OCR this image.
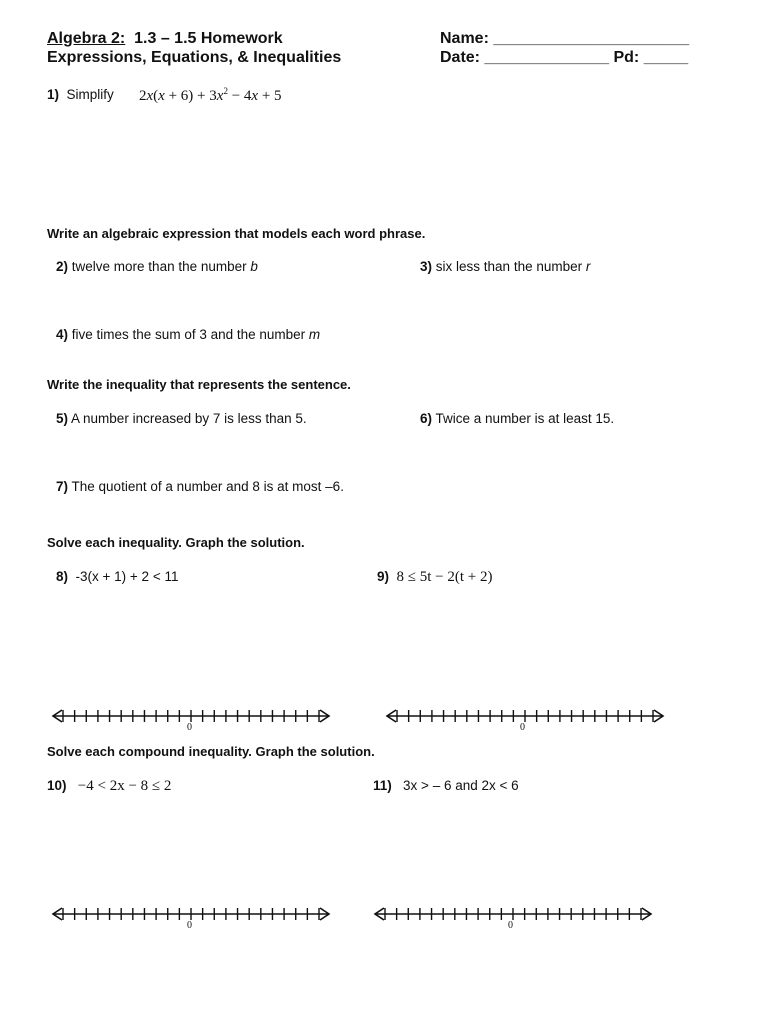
Algebra 2: 1.3 – 1.5 Homework
Expressions, Equations, & Inequalities
Name: ______________________
Date: ______________ Pd: _____
1) Simplify $2x(x + 6) + 3x^2 - 4x + 5$
Write an algebraic expression that models each word phrase.
2) twelve more than the number b	3) six less than the number r
4) five times the sum of 3 and the number m
Write the inequality that represents the sentence.
5) A number increased by 7 is less than 5.	6) Twice a number is at least 15.
7) The quotient of a number and 8 is at most –6.
Solve each inequality. Graph the solution.
8) -3(x + 1) + 2 < 11	9) 8 ≤ 5t − 2(t + 2)
0	0
Solve each compound inequality. Graph the solution.
10) −4 < 2x − 8 ≤ 2	11) 3x > – 6 and 2x < 6
0	0
